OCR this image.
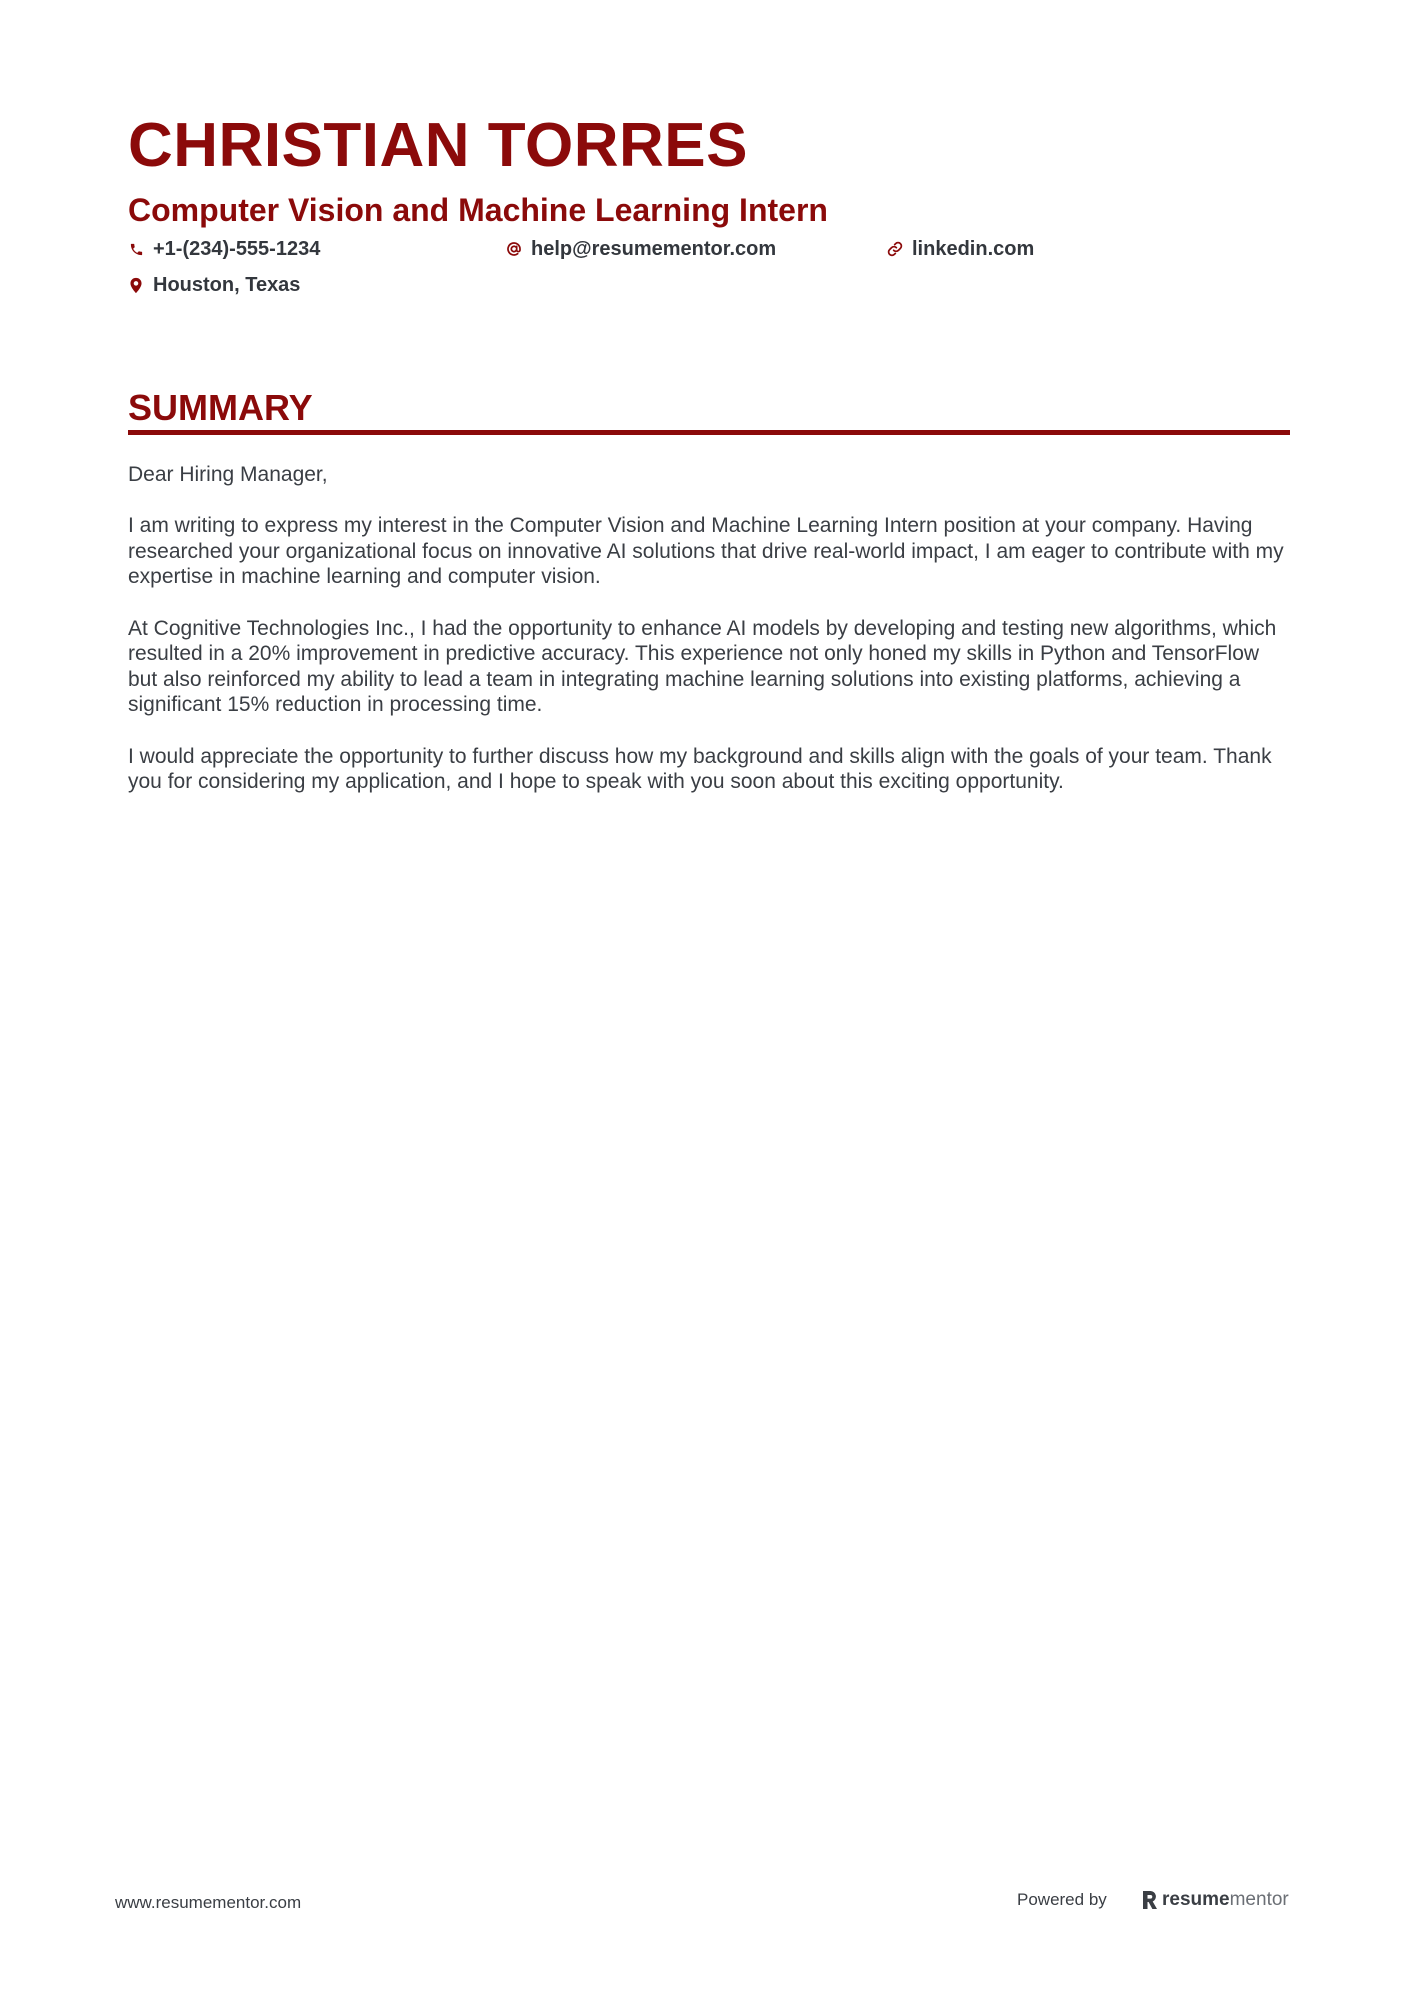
CHRISTIAN TORRES
Computer Vision and Machine Learning Intern
+1-(234)-555-1234	help@resumementor.com	linkedin.com
Houston, Texas
SUMMARY

Dear Hiring Manager,

I am writing to express my interest in the Computer Vision and Machine Learning Intern position at your company. Having researched your organizational focus on innovative AI solutions that drive real-world impact, I am eager to contribute with my expertise in machine learning and computer vision.

At Cognitive Technologies Inc., I had the opportunity to enhance AI models by developing and testing new algorithms, which resulted in a 20% improvement in predictive accuracy. This experience not only honed my skills in Python and TensorFlow but also reinforced my ability to lead a team in integrating machine learning solutions into existing platforms, achieving a significant 15% reduction in processing time.

I would appreciate the opportunity to further discuss how my background and skills align with the goals of your team. Thank you for considering my application, and I hope to speak with you soon about this exciting opportunity.

www.resumementor.com	Powered by	resume mentor
